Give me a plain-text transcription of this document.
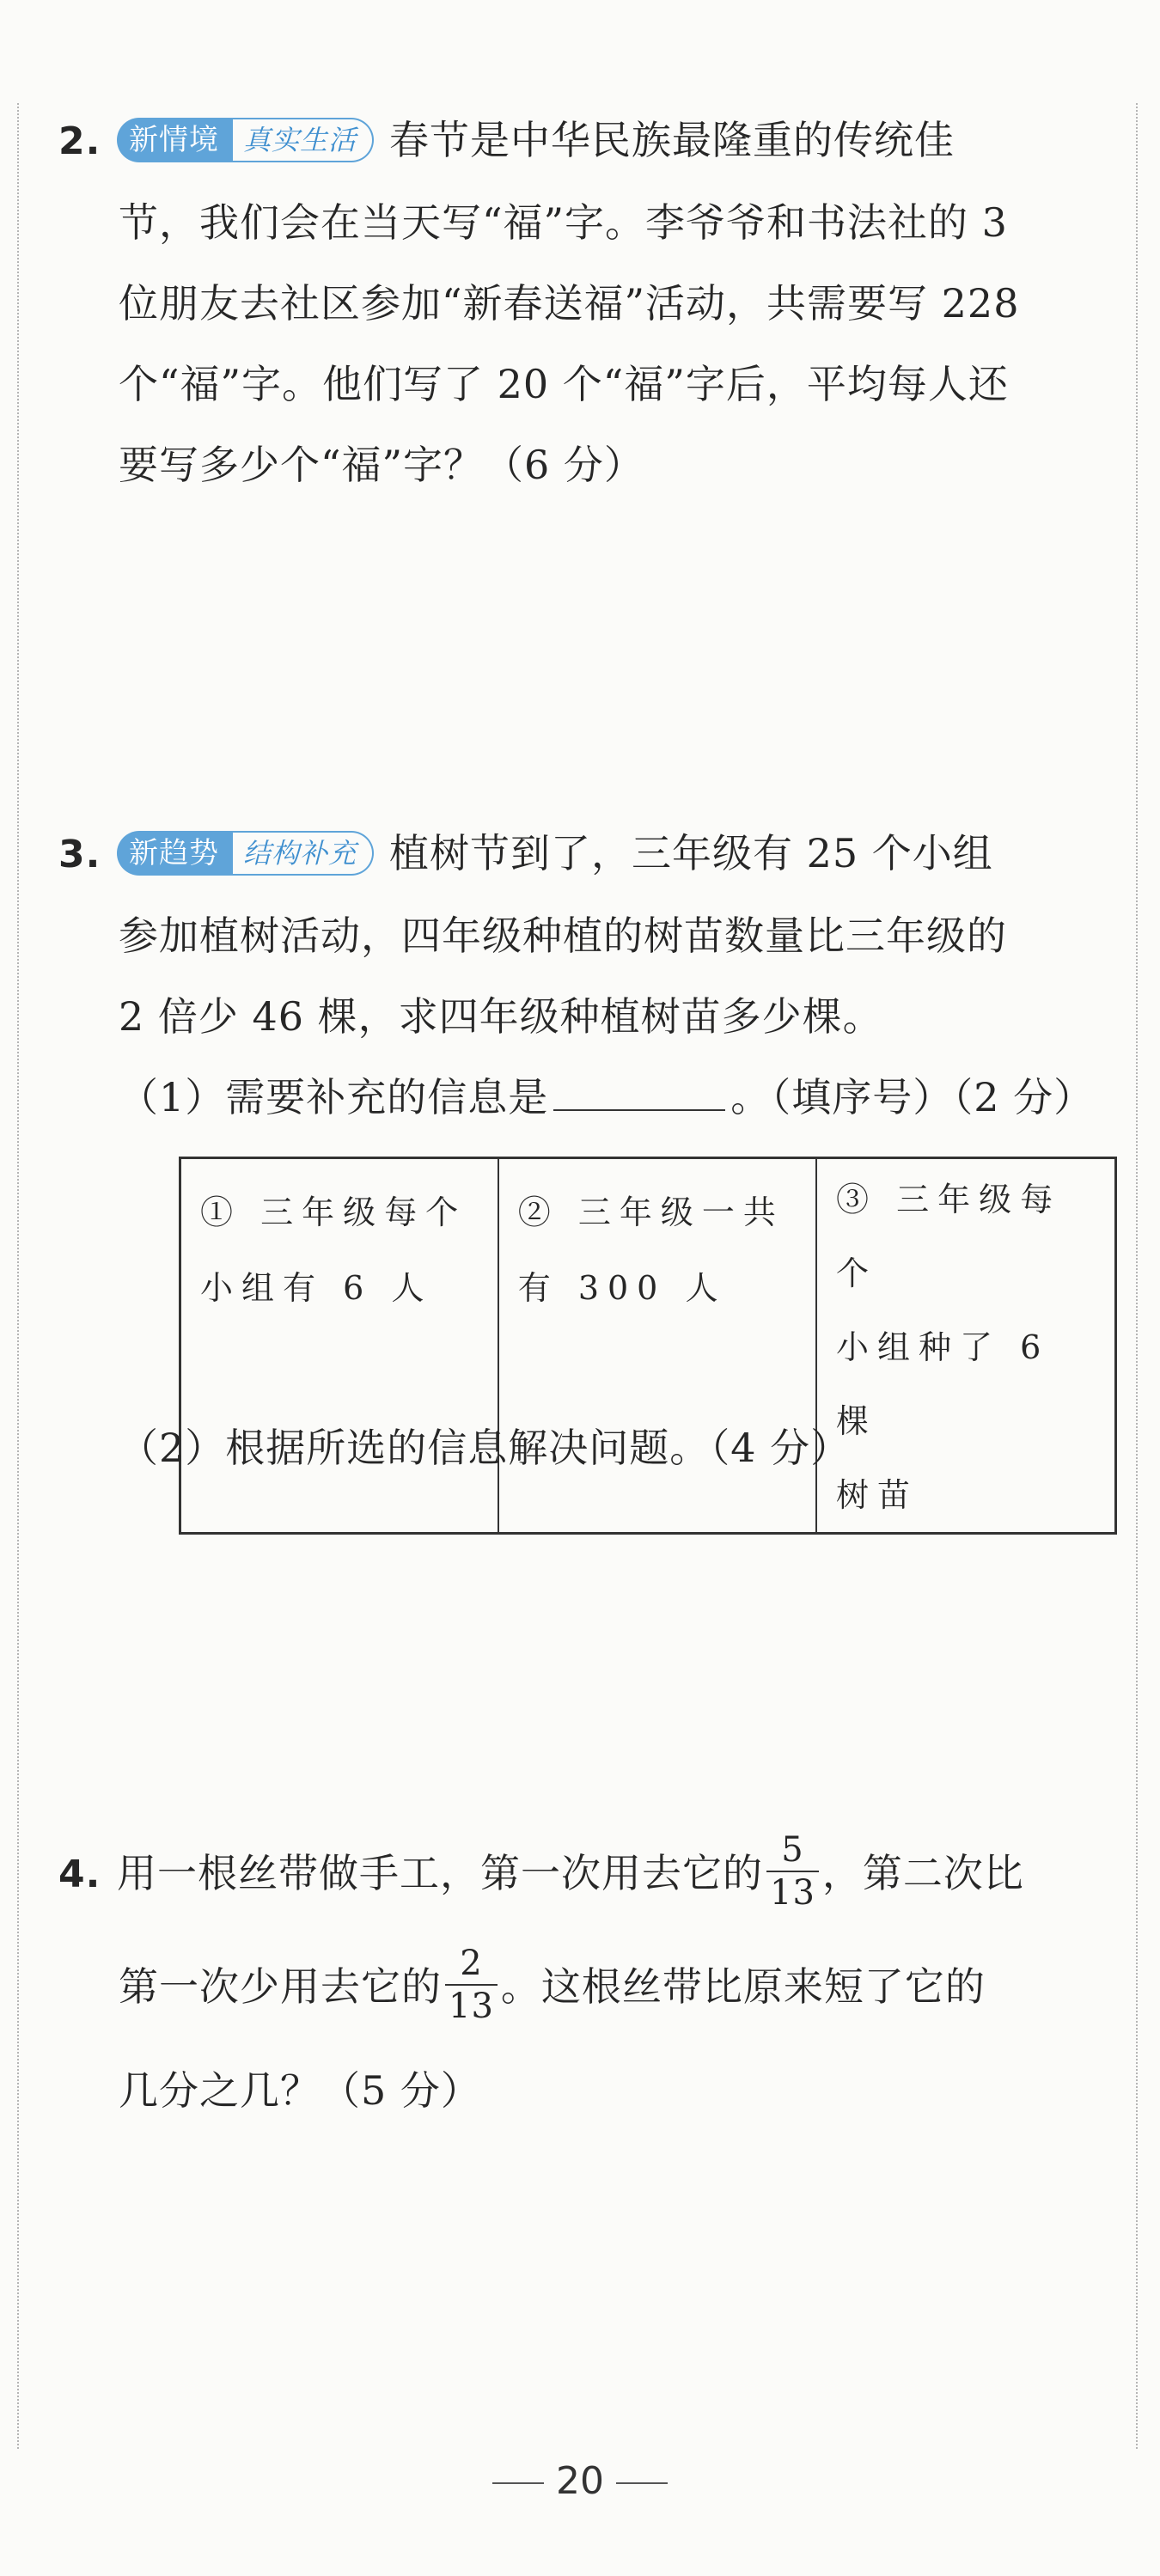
2. 新情境 真实生活 春节是中华民族最隆重的传统佳
节，我们会在当天写“福”字。李爷爷和书法社的 3
位朋友去社区参加“新春送福”活动，共需要写 228
个“福”字。他们写了 20 个“福”字后，平均每人还
要写多少个“福”字？（6 分）
3. 新趋势 结构补充 植树节到了，三年级有 25 个小组
参加植树活动，四年级种植的树苗数量比三年级的
2 倍少 46 棵，求四年级种植树苗多少棵。
（1）需要补充的信息是	。（填序号）（2 分）
① 三年级每个
小组有 6 人

② 三年级一共
有 300 人

③ 三年级每个
小组种了 6 棵
树苗
（2）根据所选的信息解决问题。（4 分）
4. 用一根丝带做手工，第一次用去它的 $\frac{5}{13}$ ，第二次比
第一次少用去它的 $\frac{2}{13}$ 。这根丝带比原来短了它的
几分之几？（5 分）
20
